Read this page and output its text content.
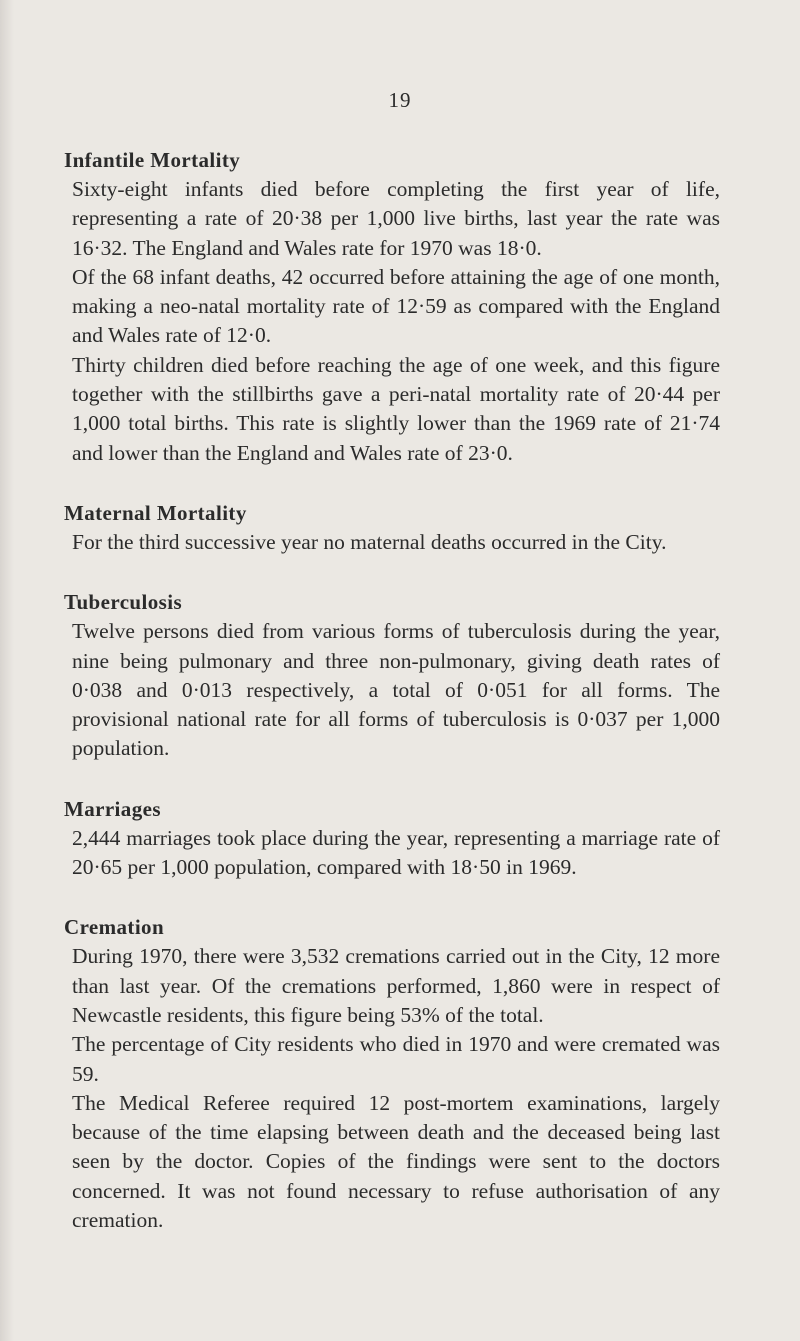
19
Infantile Mortality

Sixty-eight infants died before completing the first year of life, representing a rate of 20·38 per 1,000 live births, last year the rate was 16·32. The England and Wales rate for 1970 was 18·0.

Of the 68 infant deaths, 42 occurred before attaining the age of one month, making a neo-natal mortality rate of 12·59 as compared with the England and Wales rate of 12·0.

Thirty children died before reaching the age of one week, and this figure together with the stillbirths gave a peri-natal mortality rate of 20·44 per 1,000 total births. This rate is slightly lower than the 1969 rate of 21·74 and lower than the England and Wales rate of 23·0.

Maternal Mortality

For the third successive year no maternal deaths occurred in the City.

Tuberculosis

Twelve persons died from various forms of tuberculosis during the year, nine being pulmonary and three non-pulmonary, giving death rates of 0·038 and 0·013 respectively, a total of 0·051 for all forms. The provisional national rate for all forms of tuberculosis is 0·037 per 1,000 population.

Marriages

2,444 marriages took place during the year, representing a marriage rate of 20·65 per 1,000 population, compared with 18·50 in 1969.

Cremation

During 1970, there were 3,532 cremations carried out in the City, 12 more than last year. Of the cremations performed, 1,860 were in respect of Newcastle residents, this figure being 53% of the total.

The percentage of City residents who died in 1970 and were cremated was 59.

The Medical Referee required 12 post-mortem examinations, largely because of the time elapsing between death and the deceased being last seen by the doctor. Copies of the findings were sent to the doctors concerned. It was not found necessary to refuse authorisation of any cremation.
